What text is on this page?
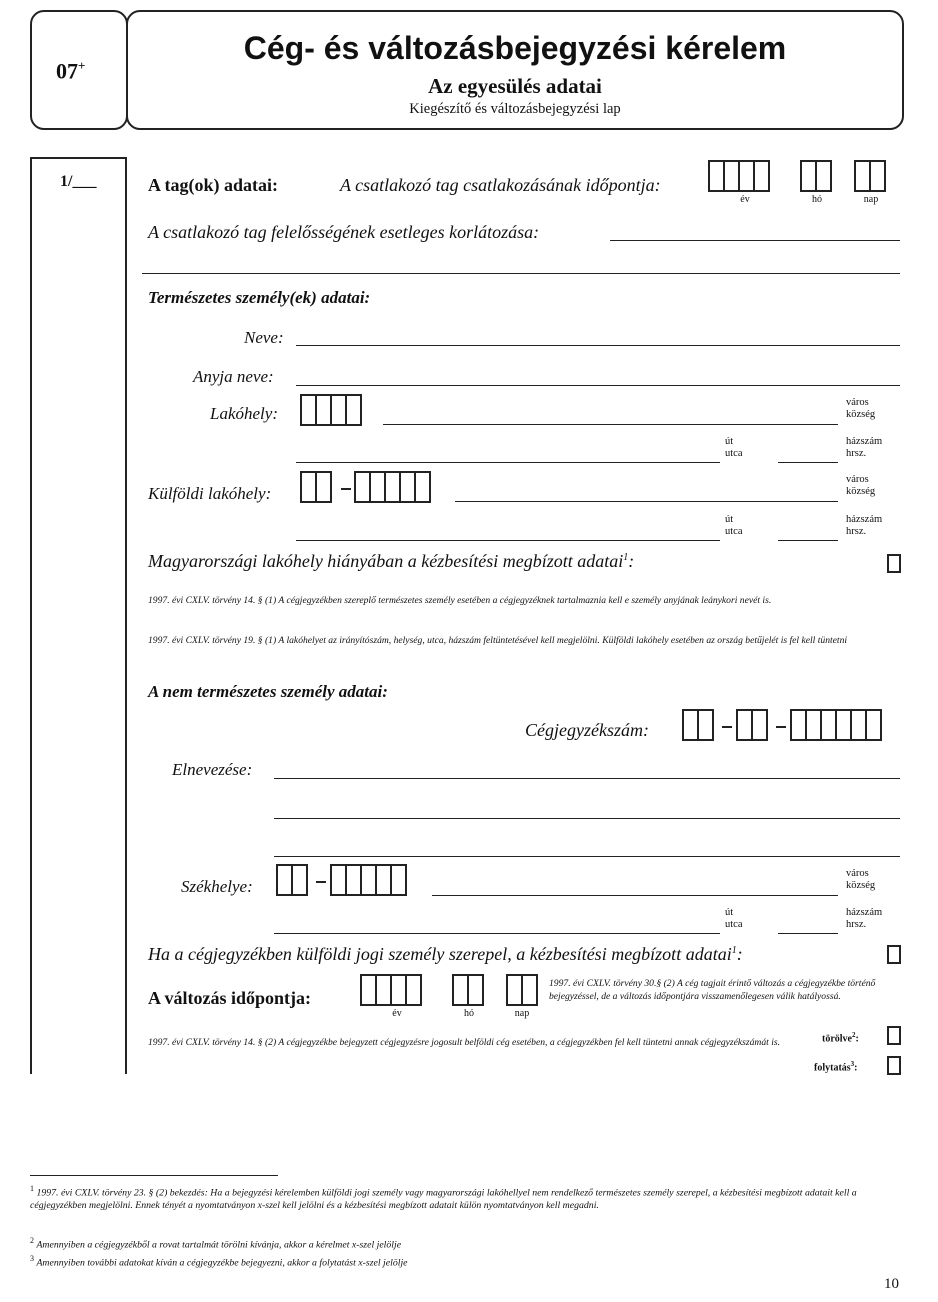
07+	Cég- és változásbejegyzési kérelem
Az egyesülés adatai
Kiegészítő és változásbejegyzési lap
1/___	A tag(ok) adatai:	A csatlakozó tag csatlakozásának időpontja:
év	hó	nap
A csatlakozó tag felelősségének esetleges korlátozása:
Természetes személy(ek) adatai:
Neve:
Anyja neve:
Lakóhely:
város
község
út
utca
házszám
hrsz.
Külföldi lakóhely:
város
község
út
utca
házszám
hrsz.
Magyarországi lakóhely hiányában a kézbesítési megbízott adatai$^1$:
1997. évi CXLV. törvény 14. § (1) A cégjegyzékben szereplő természetes személy esetében a cégjegyzéknek tartalmaznia kell e személy anyjának leánykori nevét is.
1997. évi CXLV. törvény 19. § (1) A lakóhelyet az irányítószám, helység, utca, házszám feltüntetésével kell megjelölni. Külföldi lakóhely esetében az ország betűjelét is fel kell tüntetni
A nem természetes személy adatai:
Cégjegyzékszám:
Elnevezése:
Székhelye:
város
község
út
utca
házszám
hrsz.
Ha a cégjegyzékben külföldi jogi személy szerepel, a kézbesítési megbízott adatai$^1$:
A változás időpontja:
év	hó	nap
1997. évi CXLV. törvény 30.§ (2) A cég tagjait érintő változás a cégjegyzékbe történő bejegyzéssel, de a változás időpontjára visszamenőlegesen válik hatályossá.
1997. évi CXLV. törvény 14. § (2) A cégjegyzékbe bejegyzett cégjegyzésre jogosult belföldi cég esetében, a cégjegyzékben fel kell tüntetni annak cégjegyzékszámát is.	törölve$^2$:
folytatás$^3$:
$^1$ 1997. évi CXLV. törvény 23. § (2) bekezdés: Ha a bejegyzési kérelemben külföldi jogi személy vagy magyarországi lakóhellyel nem rendelkező természetes személy szerepel, a kézbesítési megbízott adatait kell a cégjegyzékben megjelölni. Ennek tényét a nyomtatványon x-szel kell jelölni és a kézbesítési megbízott adatait külön nyomtatványon kell megadni.
$^2$ Amennyiben a cégjegyzékből a rovat tartalmát törölni kívánja, akkor a kérelmet x-szel jelölje
$^3$ Amennyiben további adatokat kíván a cégjegyzékbe bejegyezni, akkor a folytatást x-szel jelölje
10
